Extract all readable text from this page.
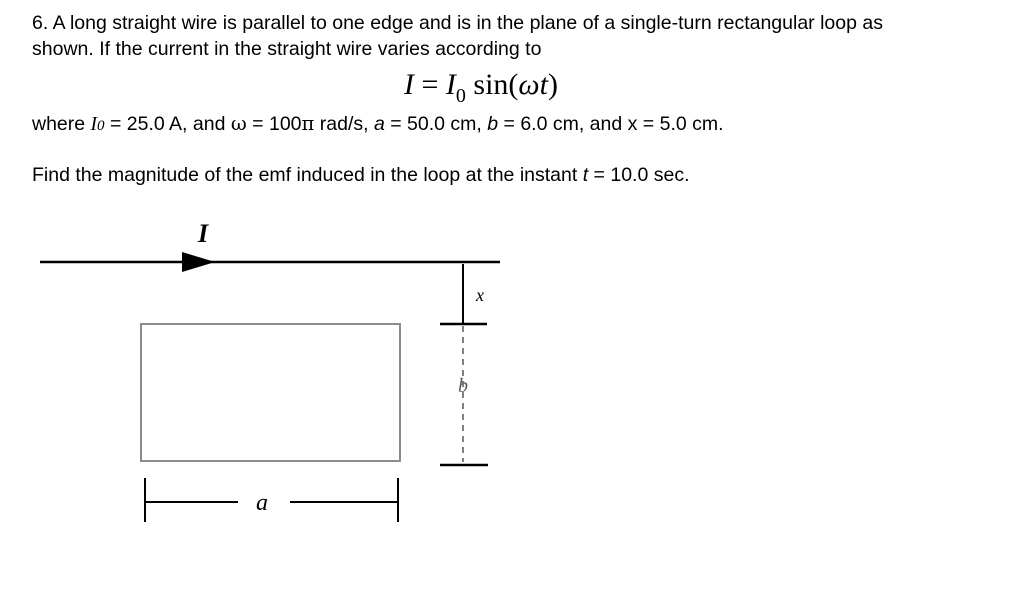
6. A long straight wire is parallel to one edge and is in the plane of a single-turn rectangular loop as
shown. If the current in the straight wire varies according to

$I = I_0$ sin(ωt)

where I0 = 25.0 A, and ω = 100π rad/s, a = 50.0 cm, b = 6.0 cm, and x = 5.0 cm.

Find the magnitude of the emf induced in the loop at the instant t = 10.0 sec.

I
x
b
a
